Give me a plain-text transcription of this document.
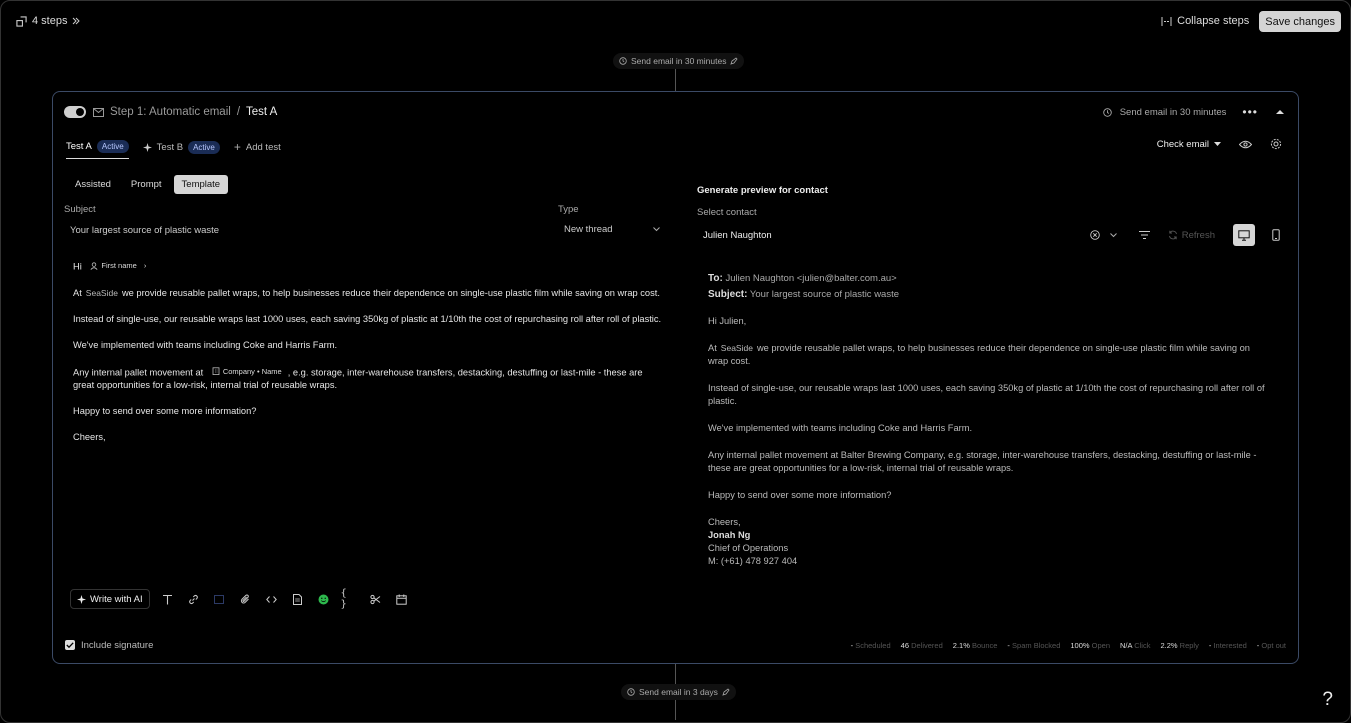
4 steps	Collapse steps	Save changes
Send email in 30 minutes
Step 1: Automatic email / Test A	Send email in 30 minutes •••
Test A	Active	Test B	Active	+ Add test	Check email
Assisted	Prompt	Template
Subject
Your largest source of plastic waste
Type
New thread

Hi	First name ›

At SeaSide we provide reusable pallet wraps, to help businesses reduce their dependence on single-use plastic film while saving on wrap cost.

Instead of single-use, our reusable wraps last 1000 uses, each saving 350kg of plastic at 1/10th the cost of repurchasing roll after roll of plastic.

We've implemented with teams including Coke and Harris Farm.

Any internal pallet movement at	Company • Name , e.g. storage, inter-warehouse transfers, destacking, destuffing or last-mile - these are great opportunities for a low-risk, internal trial of reusable wraps.

Happy to send over some more information?

Cheers,

Write with AI	{ }
Include signature	- Scheduled 46 Delivered 2.1% Bounce - Spam Blocked 100% Open N/A Click 2.2% Reply - Interested - Opt out
Generate preview for contact
Select contact
Julien Naughton	Refresh
To: Julien Naughton <julien@balter.com.au>
Subject: Your largest source of plastic waste

Hi Julien,

At SeaSide we provide reusable pallet wraps, to help businesses reduce their dependence on single-use plastic film while saving on wrap cost.

Instead of single-use, our reusable wraps last 1000 uses, each saving 350kg of plastic at 1/10th the cost of repurchasing roll after roll of plastic.

We've implemented with teams including Coke and Harris Farm.

Any internal pallet movement at Balter Brewing Company, e.g. storage, inter-warehouse transfers, destacking, destuffing or last-mile - these are great opportunities for a low-risk, internal trial of reusable wraps.

Happy to send over some more information?

Cheers,
Jonah Ng
Chief of Operations
M: (+61) 478 927 404
Send email in 3 days	?
